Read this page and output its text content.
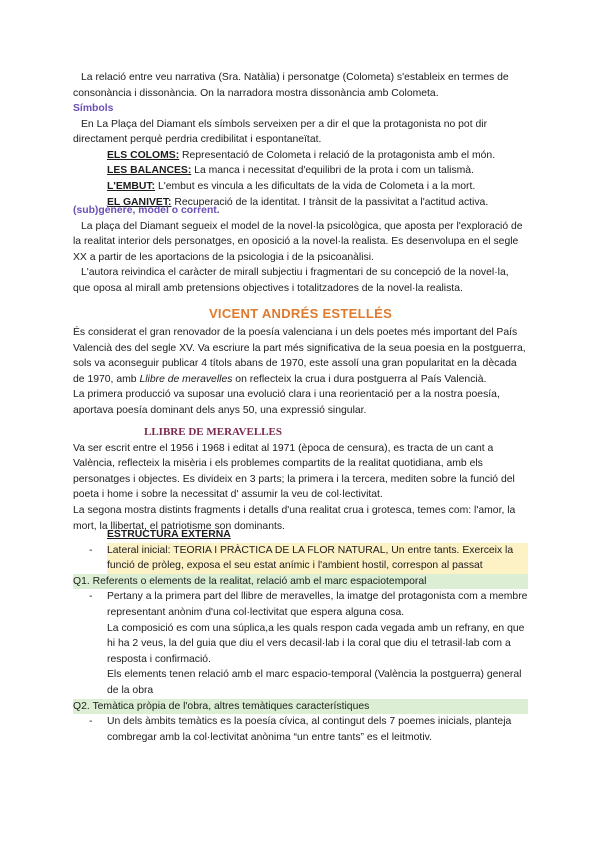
La relació entre veu narrativa (Sra. Natàlia) i personatge (Colometa) s'estableix en termes de consonància i dissonància. On la narradora mostra dissonància amb Colometa.

Símbols

En La Plaça del Diamant els símbols serveixen per a dir el que la protagonista no pot dir directament perquè perdria credibilitat i espontaneïtat.

ELS COLOMS: Representació de Colometa i relació de la protagonista amb el món.

LES BALANCES: La manca i necessitat d'equilibri de la prota i com un talismà.

L'EMBUT: L'embut es vincula a les dificultats de la vida de Colometa i a la mort.

EL GANIVET: Recuperació de la identitat. I trànsit de la passivitat a l'actitud activa.

(sub)gènere, model o corrent.

La plaça del Diamant segueix el model de la novel·la psicològica, que aposta per l'exploració de la realitat interior dels personatges, en oposició a la novel·la realista. Es desenvolupa en el segle XX a partir de les aportacions de la psicologia i de la psicoanàlisi.

L'autora reivindica el caràcter de mirall subjectiu i fragmentari de su concepció de la novel·la, que oposa al mirall amb pretensions objectives i totalitzadores de la novel·la realista.

VICENT ANDRÉS ESTELLÉS

És considerat el gran renovador de la poesía valenciana i un dels poetes més important del País Valencià des del segle XV. Va escriure la part més significativa de la seua poesia en la postguerra, sols va aconseguir publicar 4 títols abans de 1970, este assolí una gran popularitat en la dècada de 1970, amb Llibre de meravelles on reflecteix la crua i dura postguerra al País Valencià.

La primera producció va suposar una evolució clara i una reorientació per a la nostra poesía, aportava poesía dominant dels anys 50, una expressió singular.

LLIBRE DE MERAVELLES

Va ser escrit entre el 1956 i 1968 i editat al 1971 (època de censura), es tracta de un cant a València, reflecteix la misèria i els problemes compartits de la realitat quotidiana, amb els personatges i objectes. Es divideix en 3 parts; la primera i la tercera, mediten sobre la funció del poeta i home i sobre la necessitat d' assumir la veu de col·lectivitat.

La segona mostra distints fragments i detalls d'una realitat crua i grotesca, temes com: l'amor, la mort, la llibertat, el patriotisme son dominants.

ESTRUCTURA EXTERNA

- Lateral inicial: TEORIA I PRÀCTICA DE LA FLOR NATURAL, Un entre tants. Exerceix la funció de pròleg, exposa el seu estat anímic i l'ambient hostil, correspon al passat

Q1. Referents o elements de la realitat, relació amb el marc espaciotemporal

- Pertany a la primera part del llibre de meravelles, la imatge del protagonista com a membre representant anònim d'una col·lectivitat que espera alguna cosa.

La composició es com una súplica,a les quals respon cada vegada amb un refrany, en que hi ha 2 veus, la del guia que diu el vers decasil·lab i la coral que diu el tetrasil·lab com a resposta i confirmació.

Els elements tenen relació amb el marc espacio-temporal (València la postguerra) general de la obra

Q2. Temàtica pròpia de l'obra, altres temàtiques característiques

- Un dels àmbits temàtics es la poesía cívica, al contingut dels 7 poemes inicials, planteja combregar amb la col·lectivitat anònima “un entre tants” es el leitmotiv.
